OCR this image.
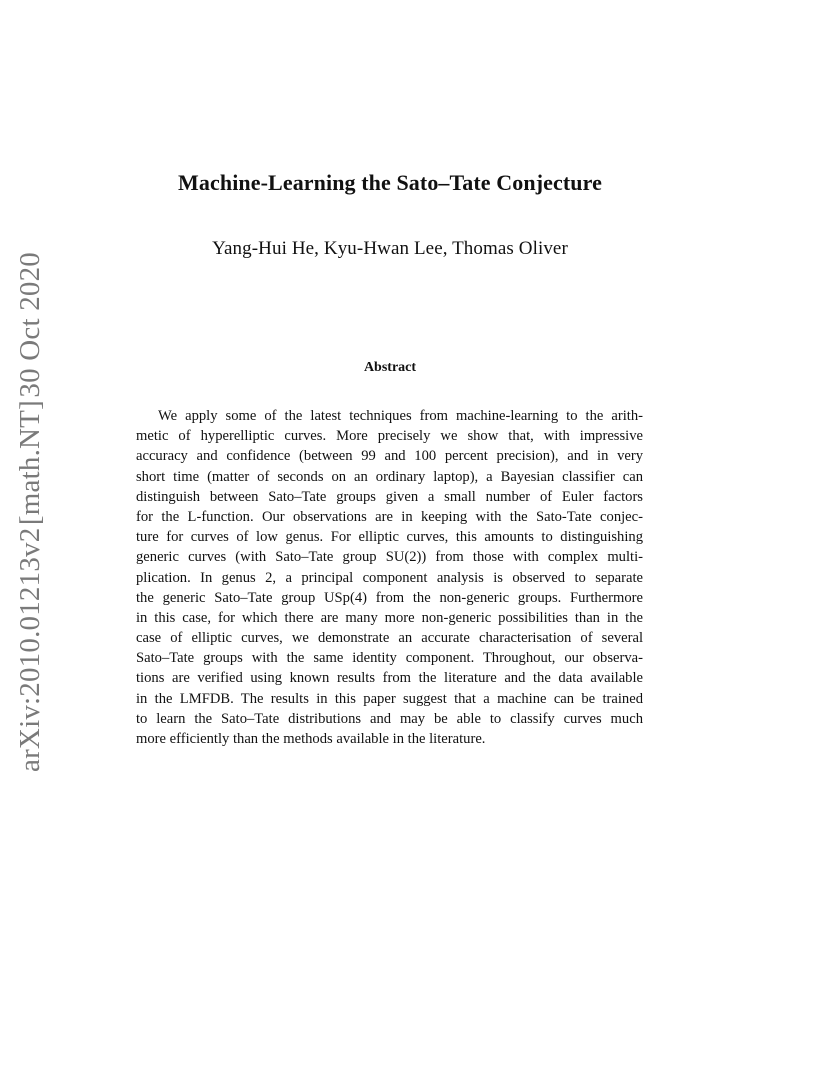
arXiv:2010.01213v2
[math.NT]
30 Oct 2020
Machine-Learning the Sato–Tate Conjecture
Yang-Hui He, Kyu-Hwan Lee, Thomas Oliver
Abstract
We apply some of the latest techniques from machine-learning to the arith-
metic of hyperelliptic curves. More precisely we show that, with impressive
accuracy and confidence (between 99 and 100 percent precision), and in very
short time (matter of seconds on an ordinary laptop), a Bayesian classifier can
distinguish between Sato–Tate groups given a small number of Euler factors
for the L-function. Our observations are in keeping with the Sato-Tate conjec-
ture for curves of low genus. For elliptic curves, this amounts to distinguishing
generic curves (with Sato–Tate group SU(2)) from those with complex multi-
plication. In genus 2, a principal component analysis is observed to separate
the generic Sato–Tate group USp(4) from the non-generic groups. Furthermore
in this case, for which there are many more non-generic possibilities than in the
case of elliptic curves, we demonstrate an accurate characterisation of several
Sato–Tate groups with the same identity component. Throughout, our observa-
tions are verified using known results from the literature and the data available
in the LMFDB. The results in this paper suggest that a machine can be trained
to learn the Sato–Tate distributions and may be able to classify curves much
more efficiently than the methods available in the literature.
